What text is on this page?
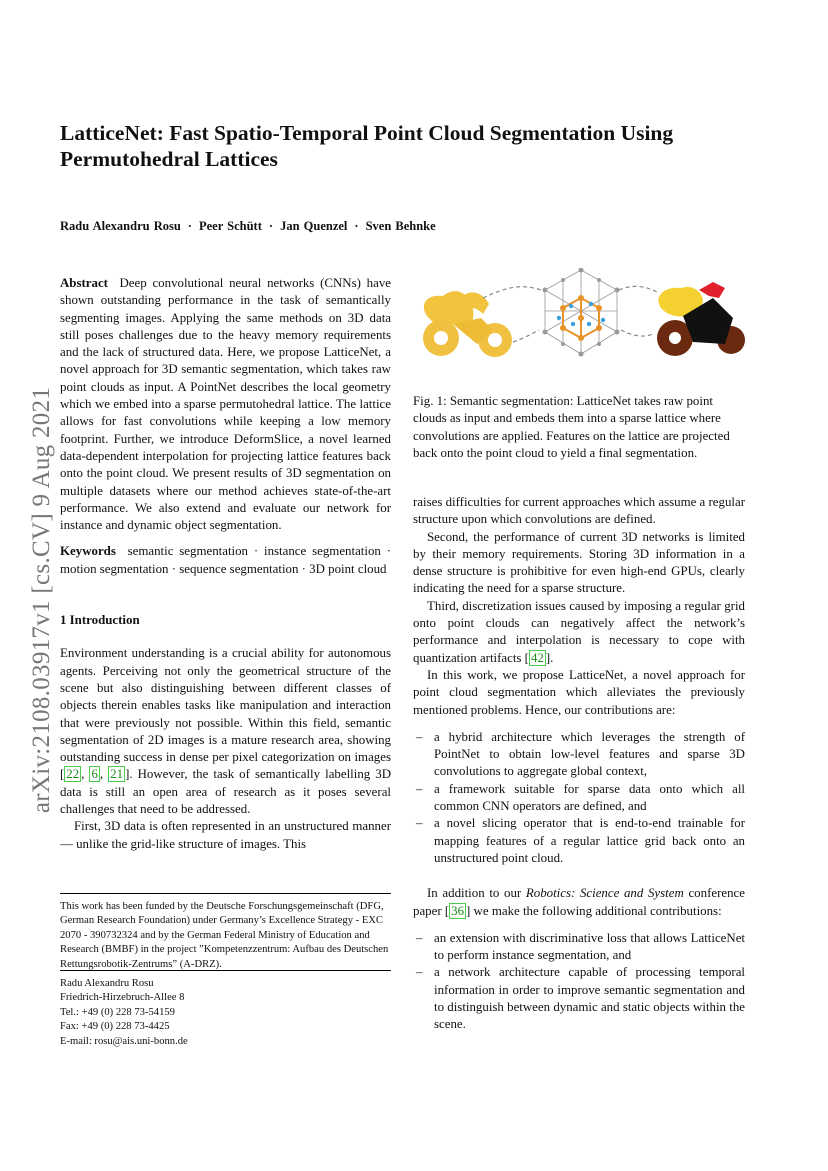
LatticeNet: Fast Spatio-Temporal Point Cloud Segmentation Using Permutohedral Lattices
Radu Alexandru Rosu · Peer Schütt · Jan Quenzel · Sven Behnke
arXiv:2108.03917v1 [cs.CV] 9 Aug 2021

Abstract Deep convolutional neural networks (CNNs) have shown outstanding performance in the task of semantically segmenting images. Applying the same methods on 3D data still poses challenges due to the heavy memory requirements and the lack of structured data. Here, we propose LatticeNet, a novel approach for 3D semantic segmentation, which takes raw point clouds as input. A PointNet describes the local geometry which we embed into a sparse permutohedral lattice. The lattice allows for fast convolutions while keeping a low memory footprint. Further, we introduce DeformSlice, a novel learned data-dependent interpolation for projecting lattice features back onto the point cloud. We present results of 3D segmentation on multiple datasets where our method achieves state-of-the-art performance. We also extend and evaluate our network for instance and dynamic object segmentation.

Keywords semantic segmentation · instance segmentation · motion segmentation · sequence segmentation · 3D point cloud

1 Introduction

Environment understanding is a crucial ability for autonomous agents. Perceiving not only the geometrical structure of the scene but also distinguishing between different classes of objects therein enables tasks like manipulation and interaction that were previously not possible. Within this field, semantic segmentation of 2D images is a mature research area, showing outstanding success in dense per pixel categorization on images [ 22 , 6 , 21 ]. However, the task of semantically labelling 3D data is still an open area of research as it poses several challenges that need to be addressed.

First, 3D data is often represented in an unstructured manner — unlike the grid-like structure of images. This

This work has been funded by the Deutsche Forschungsgemeinschaft (DFG, German Research Foundation) under Germany’s Excellence Strategy - EXC 2070 - 390732324 and by the German Federal Ministry of Education and Research (BMBF) in the project ”Kompetenzzentrum: Aufbau des Deutschen Rettungsrobotik-Zentrums” (A-DRZ).
Radu Alexandru Rosu
Friedrich-Hirzebruch-Allee 8
Tel.: +49 (0) 228 73-54159
Fax: +49 (0) 228 73-4425
E-mail: rosu@ais.uni-bonn.de
Fig. 1: Semantic segmentation: LatticeNet takes raw point clouds as input and embeds them into a sparse lattice where convolutions are applied. Features on the lattice are projected back onto the point cloud to yield a final segmentation.

raises difficulties for current approaches which assume a regular structure upon which convolutions are defined.

Second, the performance of current 3D networks is limited by their memory requirements. Storing 3D information in a dense structure is prohibitive for even high-end GPUs, clearly indicating the need for a sparse structure.

Third, discretization issues caused by imposing a regular grid onto point clouds can negatively affect the network’s performance and interpolation is necessary to cope with quantization artifacts [ 42 ].

In this work, we propose LatticeNet, a novel approach for point cloud segmentation which alleviates the previously mentioned problems. Hence, our contributions are:

– a hybrid architecture which leverages the strength of PointNet to obtain low-level features and sparse 3D convolutions to aggregate global context,
– a framework suitable for sparse data onto which all common CNN operators are defined, and
– a novel slicing operator that is end-to-end trainable for mapping features of a regular lattice grid back onto an unstructured point cloud.

In addition to our Robotics: Science and System conference paper [ 36 ] we make the following additional contributions:

– an extension with discriminative loss that allows LatticeNet to perform instance segmentation, and
– a network architecture capable of processing temporal information in order to improve semantic segmentation and to distinguish between dynamic and static objects within the scene.
